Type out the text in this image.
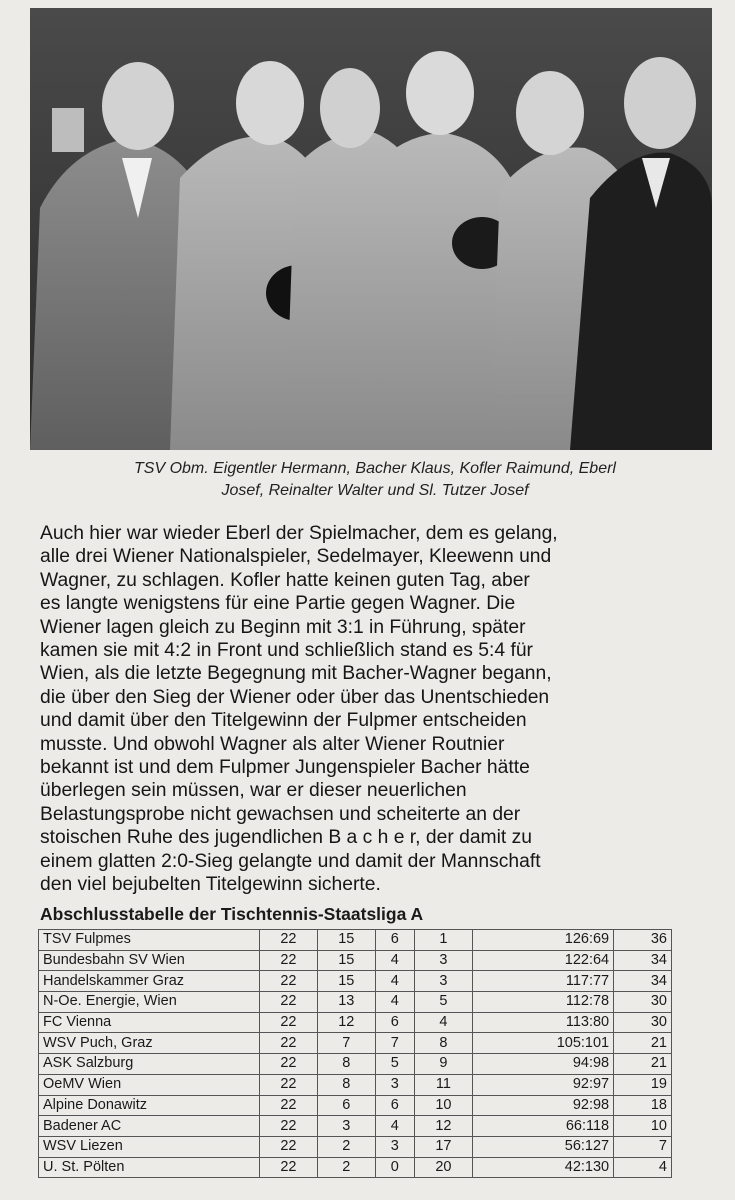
TSV Obm. Eigentler Hermann, Bacher Klaus, Kofler Raimund, Eberl
Josef, Reinalter Walter und Sl. Tutzer Josef
Auch hier war wieder Eberl der Spielmacher, dem es gelang,
alle drei Wiener Nationalspieler, Sedelmayer, Kleewenn und
Wagner, zu schlagen. Kofler hatte keinen guten Tag, aber
es langte wenigstens für eine Partie gegen Wagner. Die
Wiener lagen gleich zu Beginn mit 3:1 in Führung, später
kamen sie mit 4:2 in Front und schließlich stand es 5:4 für
Wien, als die letzte Begegnung mit Bacher-Wagner begann,
die über den Sieg der Wiener oder über das Unentschieden
und damit über den Titelgewinn der Fulpmer entscheiden
musste. Und obwohl Wagner als alter Wiener Routnier
bekannt ist und dem Fulpmer Jungenspieler Bacher hätte
überlegen sein müssen, war er dieser neuerlichen
Belastungsprobe nicht gewachsen und scheiterte an der
stoischen Ruhe des jugendlichen B a c h e r, der damit zu
einem glatten 2:0-Sieg gelangte und damit der Mannschaft
den viel bejubelten Titelgewinn sicherte.
Abschlusstabelle der Tischtennis-Staatsliga A
TSV Fulpmes	22	15	6	1	126:69	36
Bundesbahn SV Wien	22	15	4	3	122:64	34
Handelskammer Graz	22	15	4	3	117:77	34
N-Oe. Energie, Wien	22	13	4	5	112:78	30
FC Vienna	22	12	6	4	113:80	30
WSV Puch, Graz	22	7	7	8	105:101	21
ASK Salzburg	22	8	5	9	94:98	21
OeMV Wien	22	8	3	11	92:97	19
Alpine Donawitz	22	6	6	10	92:98	18
Badener AC	22	3	4	12	66:118	10
WSV Liezen	22	2	3	17	56:127	7
U. St. Pölten	22	2	0	20	42:130	4
